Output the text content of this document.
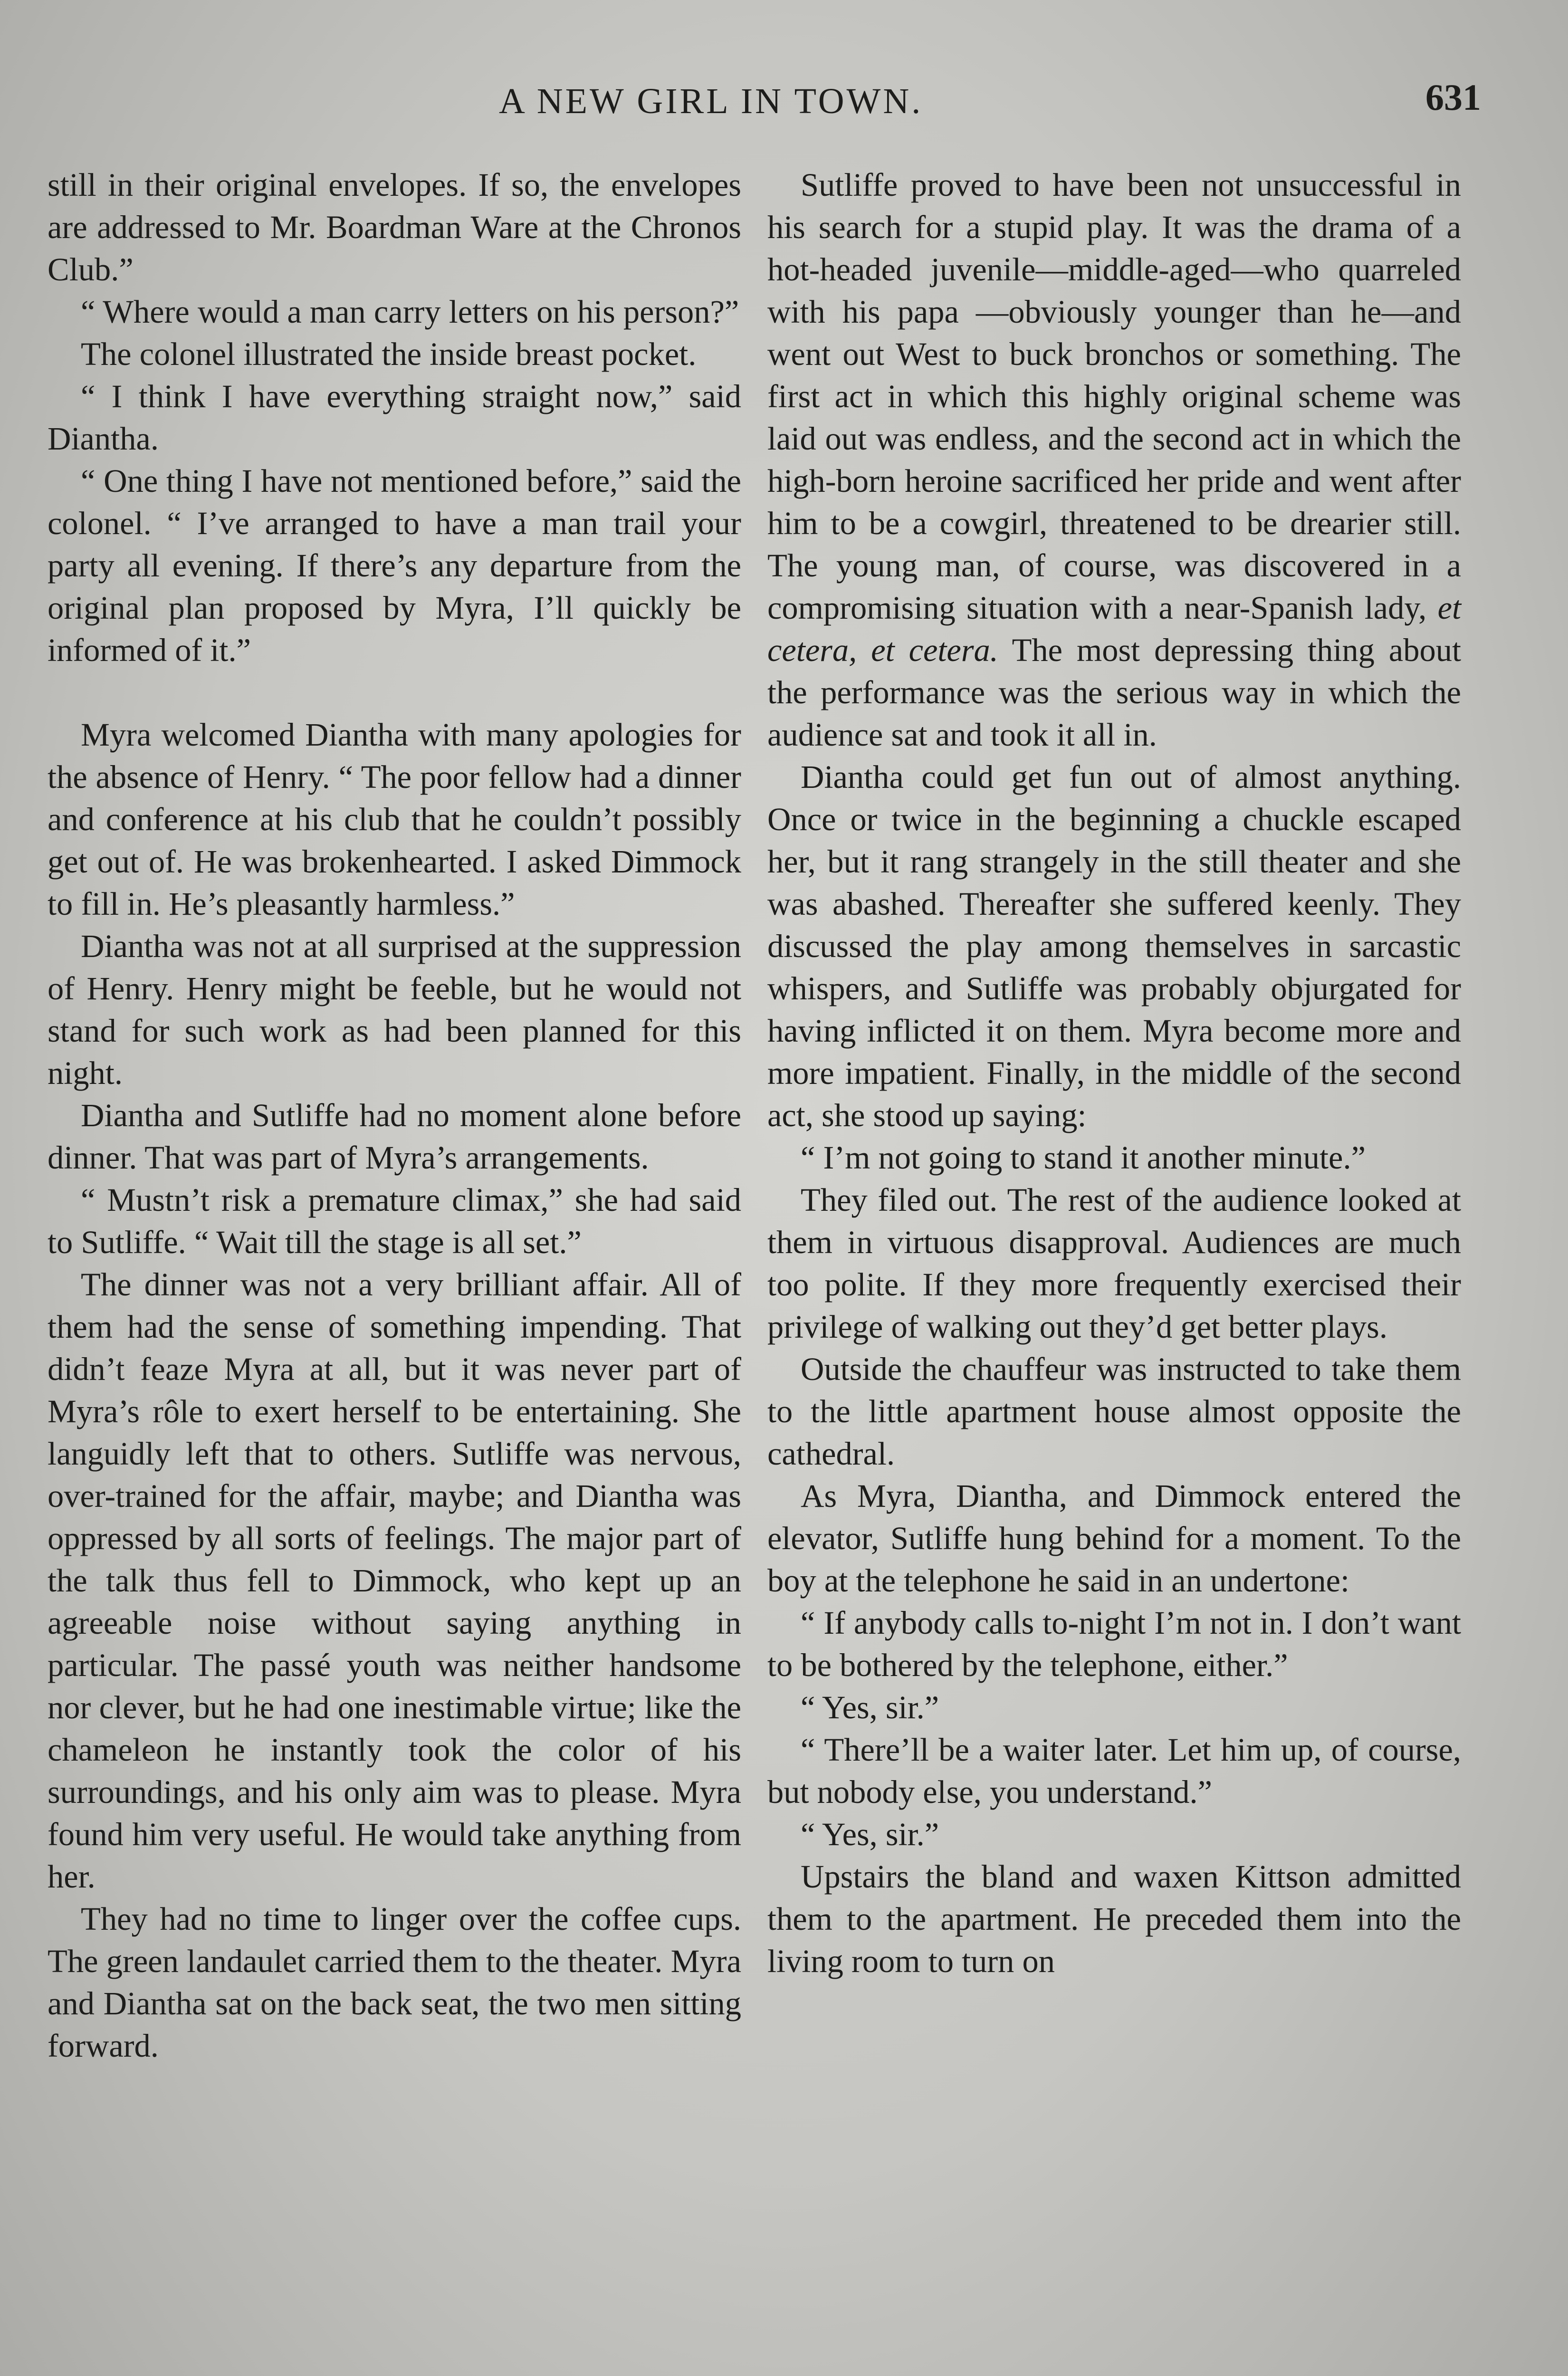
A NEW GIRL IN TOWN.	631

still in their original envelopes. If so, the envelopes are addressed to Mr. Boardman Ware at the Chronos Club.”

“ Where would a man carry letters on his person?”

The colonel illustrated the inside breast pocket.

“ I think I have everything straight now,” said Diantha.

“ One thing I have not mentioned before,” said the colonel. “ I’ve arranged to have a man trail your party all evening. If there’s any departure from the original plan proposed by Myra, I’ll quickly be informed of it.”

Myra welcomed Diantha with many apologies for the absence of Henry. “ The poor fellow had a dinner and conference at his club that he couldn’t possibly get out of. He was brokenhearted. I asked Dimmock to fill in. He’s pleasantly harmless.”

Diantha was not at all surprised at the suppression of Henry. Henry might be feeble, but he would not stand for such work as had been planned for this night.

Diantha and Sutliffe had no moment alone before dinner. That was part of Myra’s arrangements.

“ Mustn’t risk a premature climax,” she had said to Sutliffe. “ Wait till the stage is all set.”

The dinner was not a very brilliant affair. All of them had the sense of something impending. That didn’t feaze Myra at all, but it was never part of Myra’s rôle to exert herself to be entertaining. She languidly left that to others. Sutliffe was nervous, over-trained for the affair, maybe; and Diantha was oppressed by all sorts of feelings. The major part of the talk thus fell to Dimmock, who kept up an agreeable noise without saying anything in particular. The passé youth was neither handsome nor clever, but he had one inestimable virtue; like the chameleon he instantly took the color of his surroundings, and his only aim was to please. Myra found him very useful. He would take anything from her.

They had no time to linger over the coffee cups. The green landaulet carried them to the theater. Myra and Diantha sat on the back seat, the two men sitting forward.

Sutliffe proved to have been not unsuccessful in his search for a stupid play. It was the drama of a hot-headed juvenile—middle-aged—who quarreled with his papa —obviously younger than he—and went out West to buck bronchos or something. The first act in which this highly original scheme was laid out was endless, and the second act in which the high-born heroine sacrificed her pride and went after him to be a cowgirl, threatened to be drearier still. The young man, of course, was discovered in a compromising situation with a near-Spanish lady, et cetera, et cetera. The most depressing thing about the performance was the serious way in which the audience sat and took it all in.

Diantha could get fun out of almost anything. Once or twice in the beginning a chuckle escaped her, but it rang strangely in the still theater and she was abashed. Thereafter she suffered keenly. They discussed the play among themselves in sarcastic whispers, and Sutliffe was probably objurgated for having inflicted it on them. Myra become more and more impatient. Finally, in the middle of the second act, she stood up saying:

“ I’m not going to stand it another minute.”

They filed out. The rest of the audience looked at them in virtuous disapproval. Audiences are much too polite. If they more frequently exercised their privilege of walking out they’d get better plays.

Outside the chauffeur was instructed to take them to the little apartment house almost opposite the cathedral.

As Myra, Diantha, and Dimmock entered the elevator, Sutliffe hung behind for a moment. To the boy at the telephone he said in an undertone:

“ If anybody calls to-night I’m not in. I don’t want to be bothered by the telephone, either.”

“ Yes, sir.”

“ There’ll be a waiter later. Let him up, of course, but nobody else, you understand.”

“ Yes, sir.”

Upstairs the bland and waxen Kittson admitted them to the apartment. He preceded them into the living room to turn on
